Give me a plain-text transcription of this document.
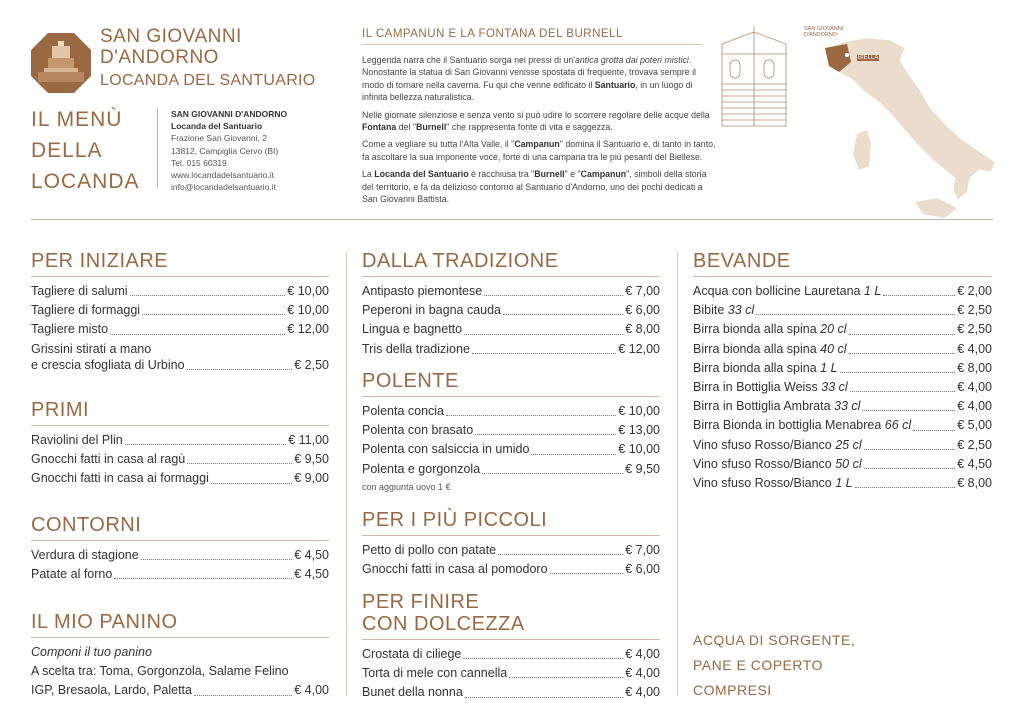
SAN GIOVANNI
D'ANDORNO
LOCANDA DEL SANTUARIO
IL MENÙ
DELLA
LOCANDA
SAN GIOVANNI D'ANDORNO
Locanda del Santuario
Frazione San Giovanni, 2
13812, Campiglia Cervo (BI)
Tel. 015 60319
www.locandadelsantuario.it
info@locandadelsantuario.it
IL CAMPANUN E LA FONTANA DEL BURNELL

Leggenda narra che il Santuario sorga nei pressi di un'antica grotta dai poteri mistici. Nonostante la statua di San Giovanni venisse spostata di frequente, trovava sempre il modo di tornare nella caverna. Fu qui che venne edificato il Santuario, in un luogo di infinita bellezza naturalistica.

Nelle giornate silenziose e senza vento si può udire lo scorrere regolare delle acque della Fontana del "Burnell" che rappresenta fonte di vita e saggezza.

Come a vegliare su tutta l'Alta Valle, il "Campanun" domina il Santuario e, di tanto in tanto, fa ascoltare la sua imponente voce, forte di una campana tra le più pesanti del Biellese.

La Locanda del Santuario è racchiusa tra "Burnell" e "Campanun", simboli della storia del territorio, e fa da delizioso contorno al Santuario d'Andorno, uno dei pochi dedicati a San Giovanni Battista.

SAN GIOVANNI
D'ANDORNO
BIELLA
PER INIZIARE
Tagliere di salumi	€ 10,00
Tagliere di formaggi	€ 10,00
Tagliere misto	€ 12,00
Grissini stirati a mano
e crescia sfogliata di Urbino	€ 2,50
PRIMI
Raviolini del Plin	€ 11,00
Gnocchi fatti in casa al ragù	€ 9,50
Gnocchi fatti in casa ai formaggi	€ 9,00
CONTORNI
Verdura di stagione	€ 4,50
Patate al forno	€ 4,50
IL MIO PANINO
Componi il tuo panino
A scelta tra: Toma, Gorgonzola, Salame Felino
IGP, Bresaola, Lardo, Paletta	€ 4,00
DALLA TRADIZIONE
Antipasto piemontese	€ 7,00
Peperoni in bagna cauda	€ 6,00
Lingua e bagnetto	€ 8,00
Tris della tradizione	€ 12,00
POLENTE
Polenta concia	€ 10,00
Polenta con brasato	€ 13,00
Polenta con salsiccia in umido	€ 10,00
Polenta e gorgonzola	€ 9,50
con aggiunta uovo 1 €
PER I PIÙ PICCOLI
Petto di pollo con patate	€ 7,00
Gnocchi fatti in casa al pomodoro	€ 6,00
PER FINIRE
CON DOLCEZZA
Crostata di ciliege	€ 4,00
Torta di mele con cannella	€ 4,00
Bunet della nonna	€ 4,00
BEVANDE
Acqua con bollicine Lauretana 1 L	€ 2,00
Bibite 33 cl	€ 2,50
Birra bionda alla spina 20 cl	€ 2,50
Birra bionda alla spina 40 cl	€ 4,00
Birra bionda alla spina 1 L	€ 8,00
Birra in Bottiglia Weiss 33 cl	€ 4,00
Birra in Bottiglia Ambrata 33 cl	€ 4,00
Birra Bionda in bottiglia Menabrea 66 cl	€ 5,00
Vino sfuso Rosso/Bianco 25 cl	€ 2,50
Vino sfuso Rosso/Bianco 50 cl	€ 4,50
Vino sfuso Rosso/Bianco 1 L	€ 8,00
ACQUA DI SORGENTE,
PANE E COPERTO
COMPRESI
